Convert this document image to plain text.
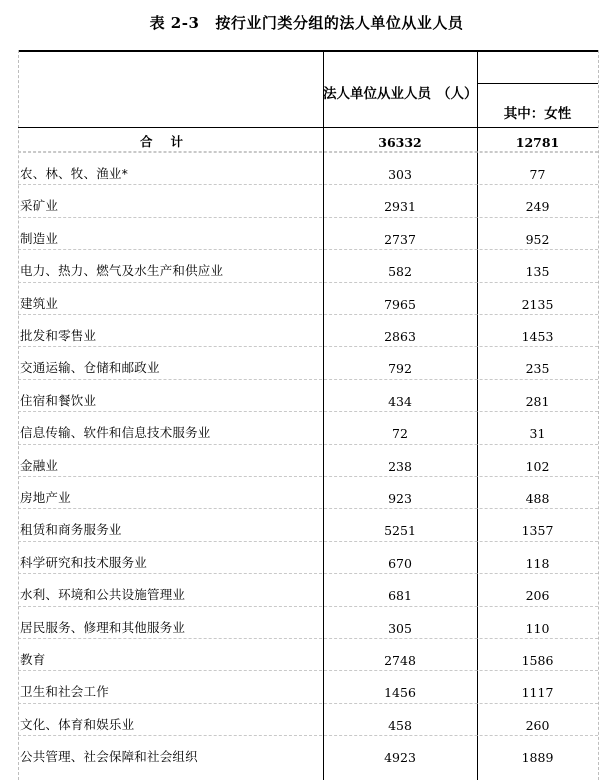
表 2-3 按行业门类分组的法人单位从业人员
法人单位从业人员 （人）
其中：女性
合计	36332	12781
农、林、牧、渔业*	303	77
采矿业	2931	249
制造业	2737	952
电力、热力、燃气及水生产和供应业	582	135
建筑业	7965	2135
批发和零售业	2863	1453
交通运输、仓储和邮政业	792	235
住宿和餐饮业	434	281
信息传输、软件和信息技术服务业	72	31
金融业	238	102
房地产业	923	488
租赁和商务服务业	5251	1357
科学研究和技术服务业	670	118
水利、环境和公共设施管理业	681	206
居民服务、修理和其他服务业	305	110
教育	2748	1586
卫生和社会工作	1456	1117
文化、体育和娱乐业	458	260
公共管理、社会保障和社会组织	4923	1889
